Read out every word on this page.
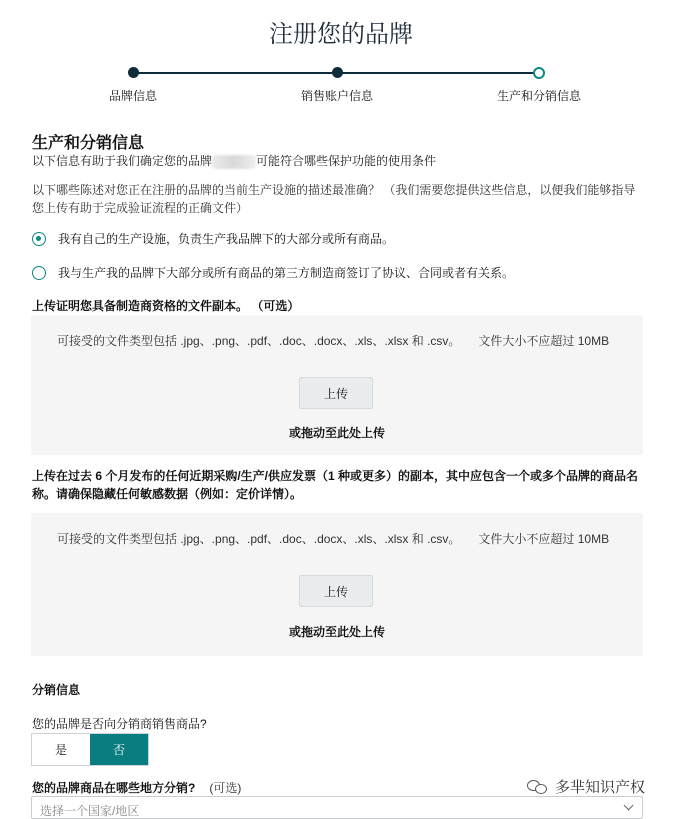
注册您的品牌
品牌信息	销售账户信息	生产和分销信息
生产和分销信息
以下信息有助于我们确定您的品牌	可能符合哪些保护功能的使用条件
以下哪些陈述对您正在注册的品牌的当前生产设施的描述最准确？ （我们需要您提供这些信息，以便我们能够指导您上传有助于完成验证流程的正确文件）
我有自己的生产设施，负责生产我品牌下的大部分或所有商品。
我与生产我的品牌下大部分或所有商品的第三方制造商签订了协议、合同或者有关系。
上传证明您具备制造商资格的文件副本。 （可选）
可接受的文件类型包括 .jpg、.png、.pdf、.doc、.docx、.xls、.xlsx 和 .csv。 文件大小不应超过 10MB
上传
或拖动至此处上传
上传在过去 6 个月发布的任何近期采购/生产/供应发票（1 种或更多）的副本，其中应包含一个或多个品牌的商品名称。请确保隐藏任何敏感数据（例如：定价详情）。
可接受的文件类型包括 .jpg、.png、.pdf、.doc、.docx、.xls、.xlsx 和 .csv。 文件大小不应超过 10MB
上传
或拖动至此处上传
分销信息
您的品牌是否向分销商销售商品?
是	否
您的品牌商品在哪些地方分销? (可选)
选择一个国家/地区
多芈知识产权
